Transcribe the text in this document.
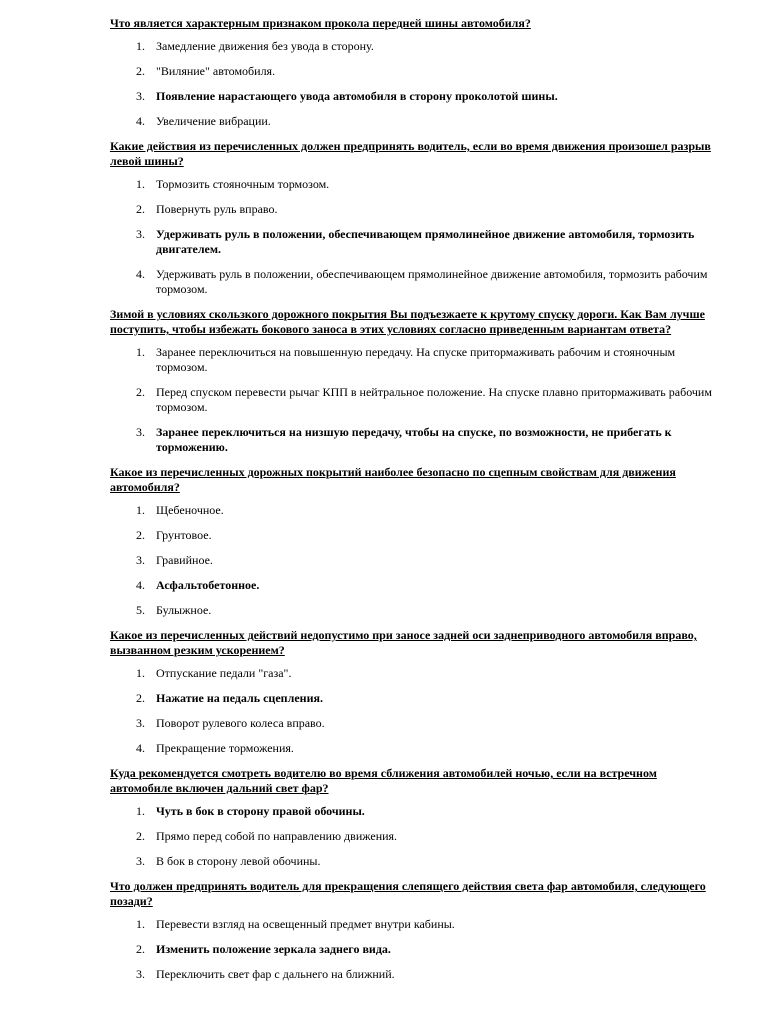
Что является характерным признаком прокола передней шины автомобиля?

1. Замедление движения без увода в сторону.
2. "Виляние" автомобиля.
3. Появление нарастающего увода автомобиля в сторону проколотой шины.
4. Увеличение вибрации.

Какие действия из перечисленных должен предпринять водитель, если во время движения произошел разрыв левой шины?

1. Тормозить стояночным тормозом.
2. Повернуть руль вправо.
3. Удерживать руль в положении, обеспечивающем прямолинейное движение автомобиля, тормозить двигателем.
4. Удерживать руль в положении, обеспечивающем прямолинейное движение автомобиля, тормозить рабочим тормозом.

Зимой в условиях скользкого дорожного покрытия Вы подъезжаете к крутому спуску дороги. Как Вам лучше поступить, чтобы избежать бокового заноса в этих условиях согласно приведенным вариантам ответа?

1. Заранее переключиться на повышенную передачу. На спуске притормаживать рабочим и стояночным тормозом.
2. Перед спуском перевести рычаг КПП в нейтральное положение. На спуске плавно притормаживать рабочим тормозом.
3. Заранее переключиться на низшую передачу, чтобы на спуске, по возможности, не прибегать к торможению.

Какое из перечисленных дорожных покрытий наиболее безопасно по сцепным свойствам для движения автомобиля?

1. Щебеночное.
2. Грунтовое.
3. Гравийное.
4. Асфальтобетонное.
5. Булыжное.

Какое из перечисленных действий недопустимо при заносе задней оси заднеприводного автомобиля вправо, вызванном резким ускорением?

1. Отпускание педали "газа".
2. Нажатие на педаль сцепления.
3. Поворот рулевого колеса вправо.
4. Прекращение торможения.

Куда рекомендуется смотреть водителю во время сближения автомобилей ночью, если на встречном автомобиле включен дальний свет фар?

1. Чуть в бок в сторону правой обочины.
2. Прямо перед собой по направлению движения.
3. В бок в сторону левой обочины.

Что должен предпринять водитель для прекращения слепящего действия света фар автомобиля, следующего позади?

1. Перевести взгляд на освещенный предмет внутри кабины.
2. Изменить положение зеркала заднего вида.
3. Переключить свет фар с дальнего на ближний.
